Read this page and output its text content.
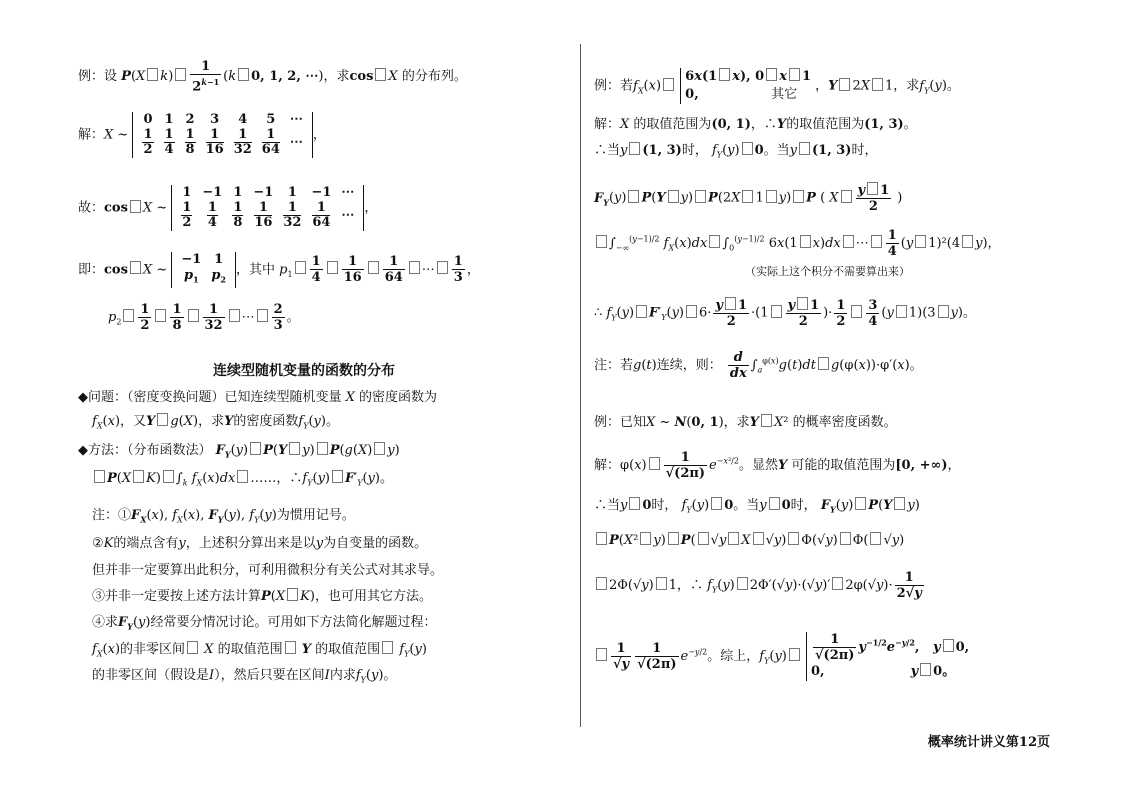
例：设 P(X $k) \frac{1}{2^{k-1}} (k$ 0, 1, 2, ⋯)，求cos X 的分布列。
解：X ~
0	1	2	3	4	5	⋯

$\frac{1}{2}$	$\frac{1}{4}$	$\frac{1}{8}$	$\frac{1}{16}$	$\frac{1}{32}$	$\frac{1}{64}$	⋯ ，
故：cos X ~
1	−1	1	−1	1	−1	⋯

$\frac{1}{2}$	$\frac{1}{4}$	$\frac{1}{8}$	$\frac{1}{16}$	$\frac{1}{32}$	$\frac{1}{64}$	⋯ ，
即：cos X ~
−1	1
$p_1$	$p_2$
，其中 $p_1 \frac{1}{4} \frac{1}{16} \frac{1}{64}$ ⋯ $\frac{1}{3}$ ，
$p_2 \frac{1}{2} \frac{1}{8} \frac{1}{32}$ ⋯ $\frac{2}{3}$ 。
连续型随机变量的函数的分布
◆问题：（密度变换问题）已知连续型随机变量 X 的密度函数为
$f_X(x)$，又Y g(X)，求Y的密度函数$f_Y(y)$。
◆方法：（分布函数法） $F_Y(y)$ P(Y y) P(g(X) y)
P(X K) $\int_k$ $f_X(x)dx$ ……，$\therefore f_Y(y)$ $F'_Y(y)$。
注：$①F_X(x)$, $f_X(x)$, $F_Y(y)$, $f_Y(y)$为惯用记号。
②K的端点含有y，上述积分算出来是以y为自变量的函数。
但并非一定要算出此积分，可利用微积分有关公式对其求导。
③并非一定要按上述方法计算P(X K)，也可用其它方法。
④求$F_Y(y)$经常要分情况讨论。可用如下方法简化解题过程：
$f_X(x)$的非零区间 X 的取值范围 Y 的取值范围 $f_Y(y)$
的非零区间（假设是I），然后只要在区间I内求$f_Y(y)$。
例：若$f_X(x)$ 6x(1 x), 0 x 1
0,                其它 ，Y 2X 1，求$f_Y(y)$。
解：X 的取值范围为(0, 1)，∴Y的取值范围为(1, 3)。
∴当y (1, 3)时， $f_Y(y)$ 0。当y (1, 3)时，
$F_Y(y)$ P(Y y) P(2X 1 y) P ( X $\frac{y 1}{2}$ )
$\int_{-\infty}^{(y-1)/2}$ $f_X(x)dx$ $\int_0^{(y-1)/2}$ 6x(1 x)dx ⋯ $\frac{1}{4} (y$ 1)²(4 y)，
（实际上这个积分不需要算出来）
∴ $f_Y(y)$ $F'_Y(y)$ $6\cdot \frac{y 1}{2} \cdot(1 \frac{y 1}{2}$ )· $\frac{1}{2} \frac{3}{4} (y$ 1)(3 y)。
注：若g(t)连续，则： $\frac{d}{dx} \int_a^{\varphi(x)}g(t)dt$ g(φ(x))·φ′(x)。
例：已知X ~ N(0, 1)，求Y X² 的概率密度函数。
解：$\varphi(x) \frac{1}{√(2\pi)} e^{-x^2/2}$。显然Y 可能的取值范围为[0, +∞)，
∴当y 0时， $f_Y(y)$ 0。当y 0时， $F_Y(y)$ P(Y y)
P(X² y) P( √y X √y) Φ(√y) Φ( √y)
2Φ(√y) 1，∴ $f_Y(y)$ 2Φ′(√y)·(√y)′ $2\varphi(√y)\cdot \frac{1}{2√y}$
$\frac{1}{√y} \frac{1}{√(2\pi)} e^{-y/2}$。综上，$f_Y(y) \frac{1}{√(2\pi)} y^{-1/2}e^{-y/2}$,   y 0,
0,                   y 0。
概率统计讲义第12页
